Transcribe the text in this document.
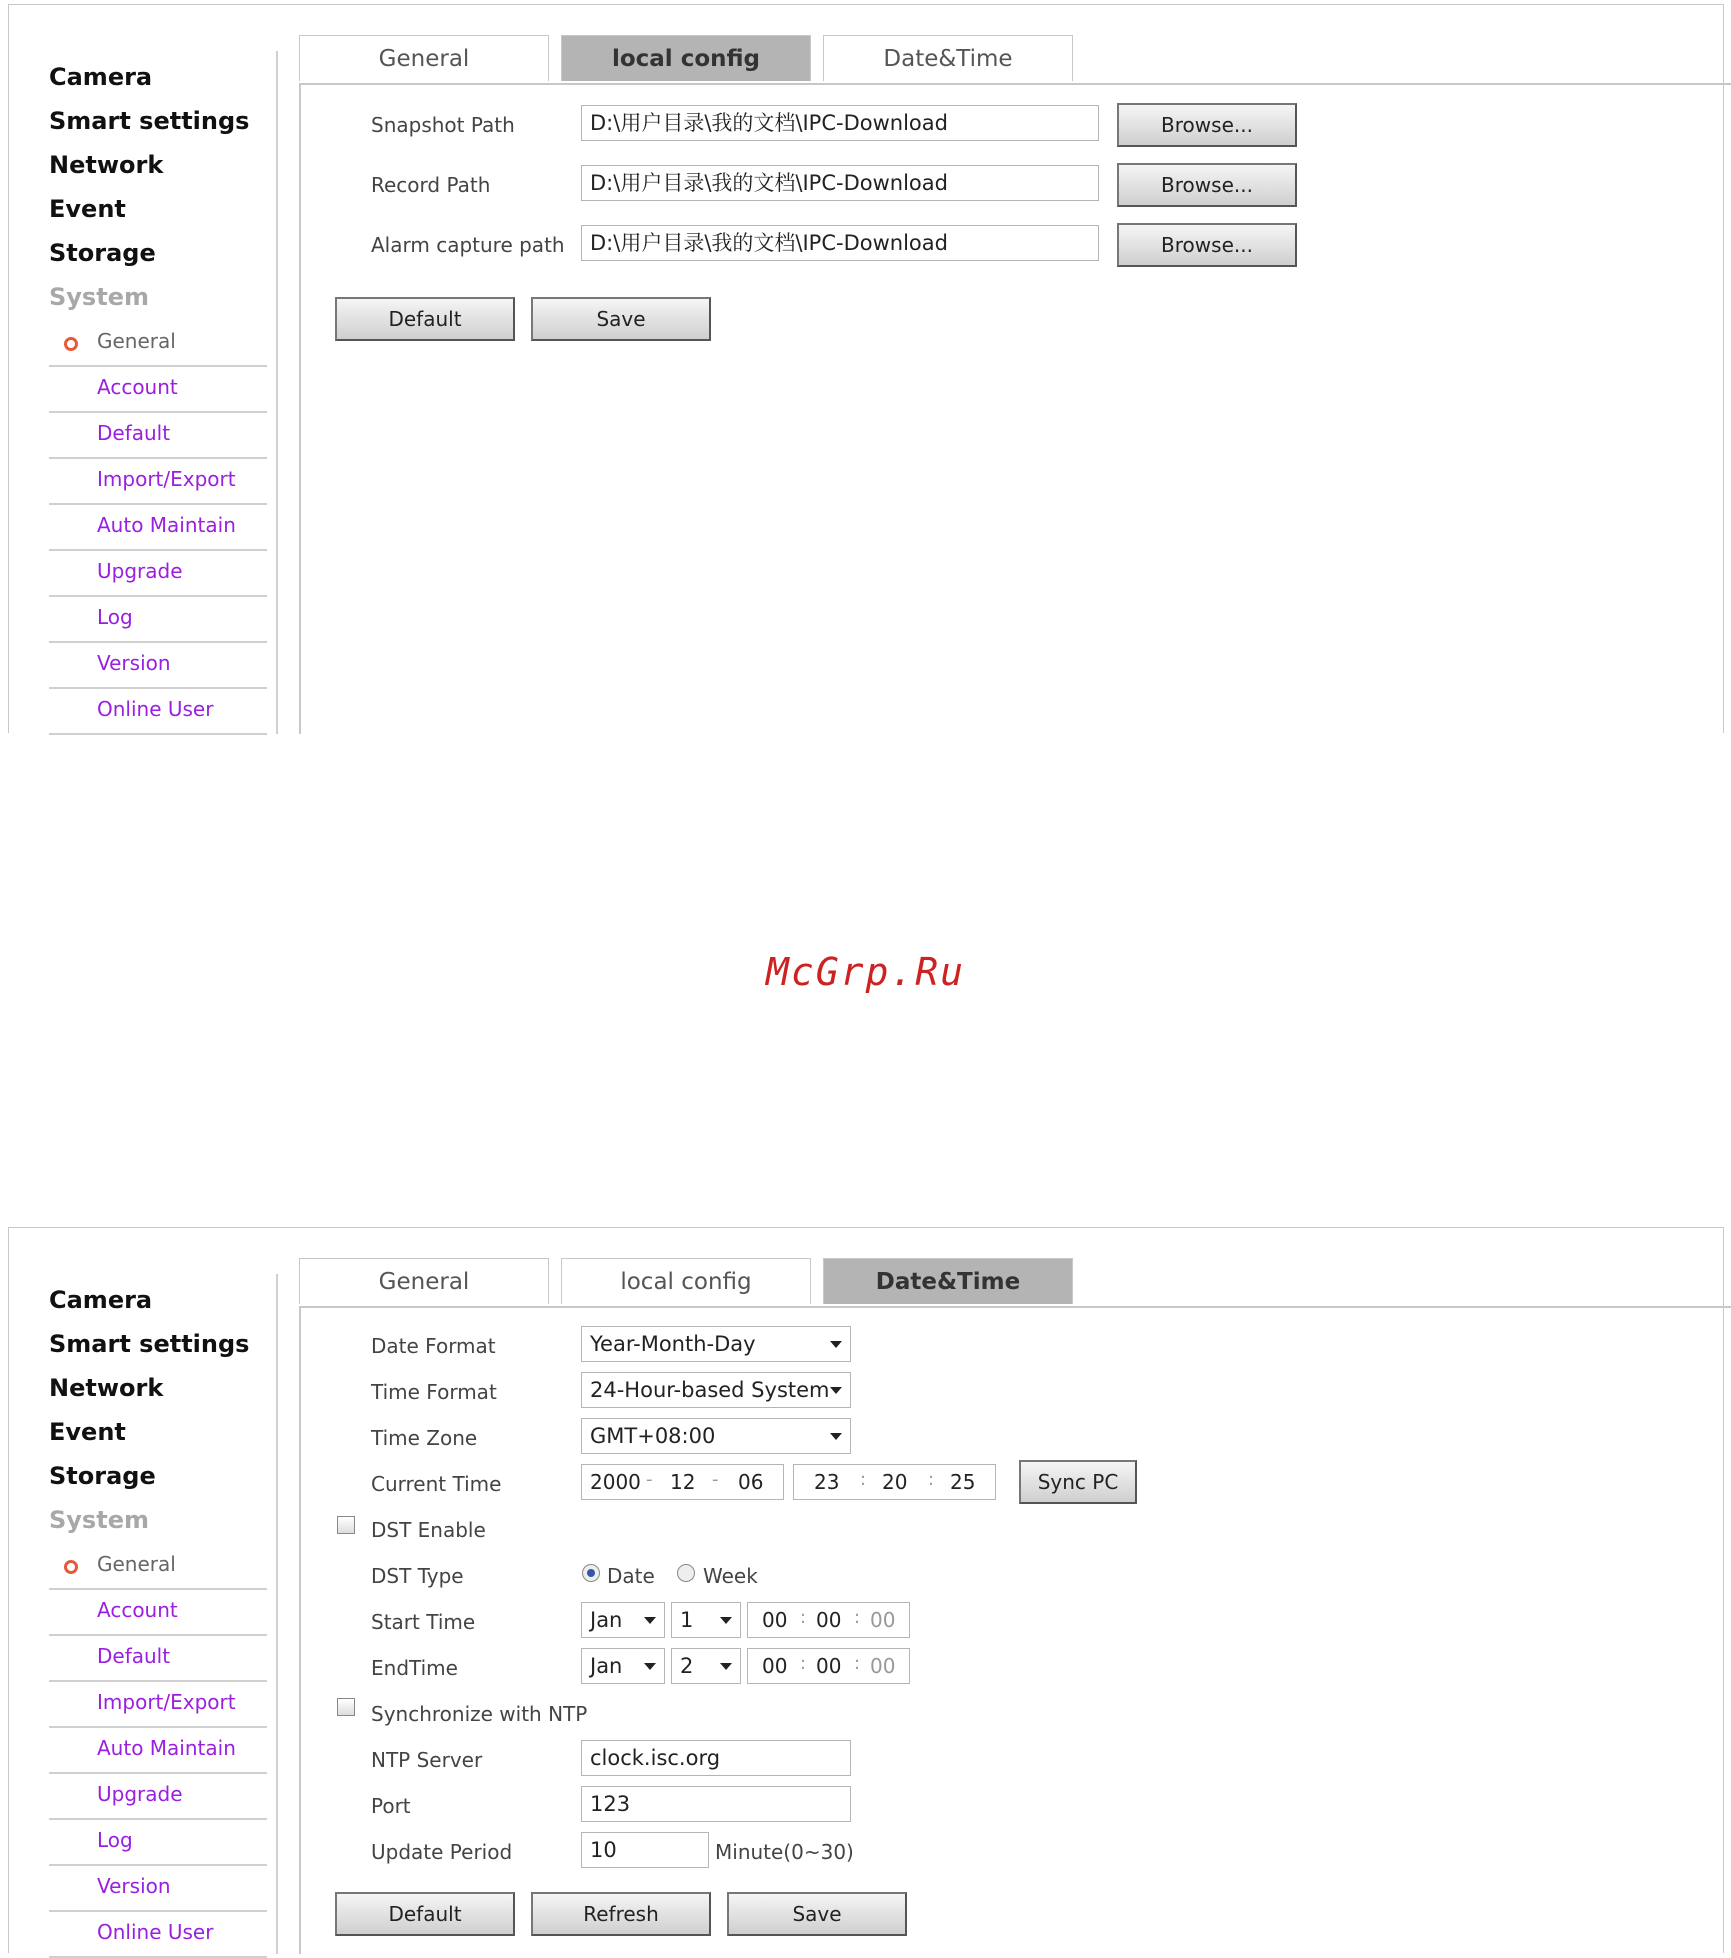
Camera
Smart settings
Network
Event
Storage
System
General
Account
Default
Import/Export
Auto Maintain
Upgrade
Log
Version
Online User
General	local config	Date&Time
Snapshot Path	D:\用户目录\我的文档\IPC-Download	Browse...
Record Path	D:\用户目录\我的文档\IPC-Download	Browse...
Alarm capture path	D:\用户目录\我的文档\IPC-Download	Browse...
Default	Save
McGrp.Ru
Camera
Smart settings
Network
Event
Storage
System
General
Account
Default
Import/Export
Auto Maintain
Upgrade
Log
Version
Online User
General	local config	Date&Time
Date Format	Year-Month-Day
Time Format	24-Hour-based System
Time Zone	GMT+08:00
Current Time	2000 - 12 - 06	23 : 20 : 25	Sync PC
DST Enable
DST Type	Date Week
Start Time	Jan	1	00 : 00 : 00
EndTime	Jan	2	00 : 00 : 00
Synchronize with NTP
NTP Server	clock.isc.org
Port	123
Update Period	10	Minute(0~30)
Default	Refresh	Save
